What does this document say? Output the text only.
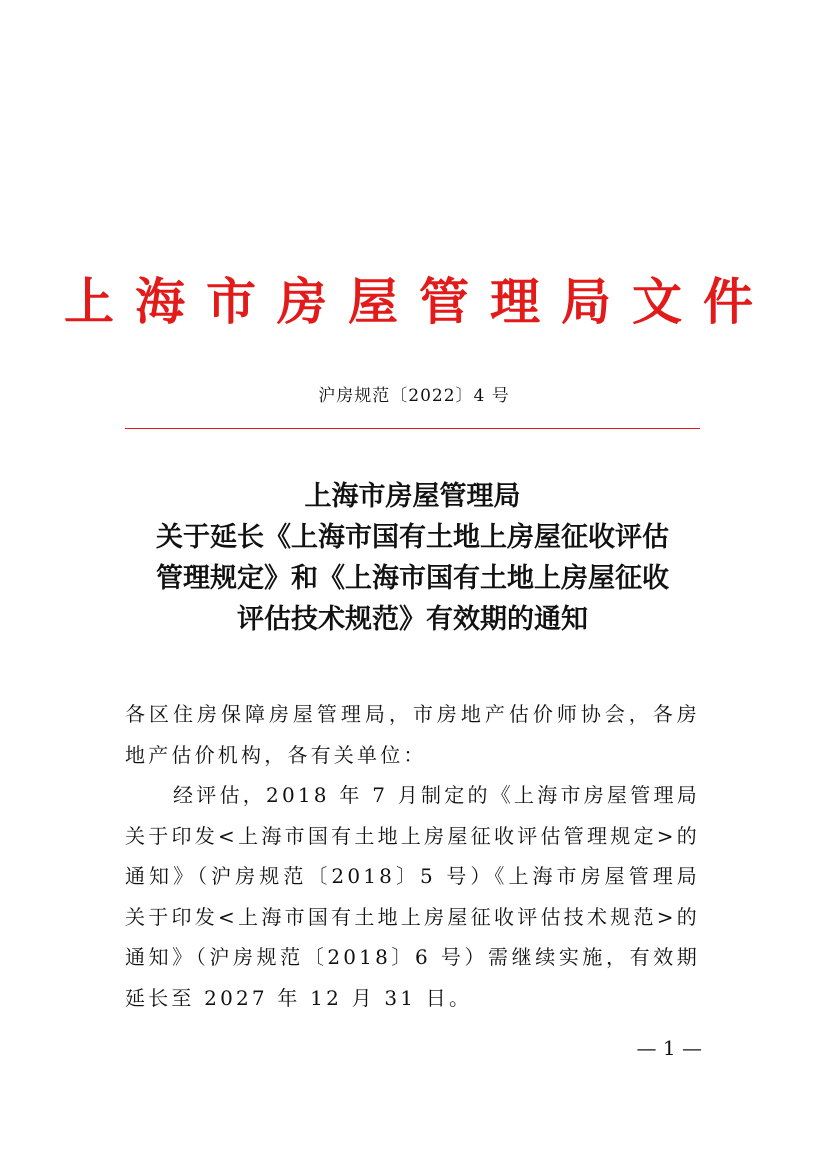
上海市房屋管理局文件
沪房规范〔2022〕4 号
上海市房屋管理局
关于延长《上海市国有土地上房屋征收评估
管理规定》和《上海市国有土地上房屋征收
评估技术规范》有效期的通知

各区住房保障房屋管理局，市房地产估价师协会，各房地产估价机构，各有关单位：

经评估，2018 年 7 月制定的《上海市房屋管理局关于印发<上海市国有土地上房屋征收评估管理规定>的通知》（沪房规范〔2018〕5 号）《上海市房屋管理局关于印发<上海市国有土地上房屋征收评估技术规范>的通知》（沪房规范〔2018〕6 号）需继续实施，有效期延长至 2027 年 12 月 31 日。

— 1 —
